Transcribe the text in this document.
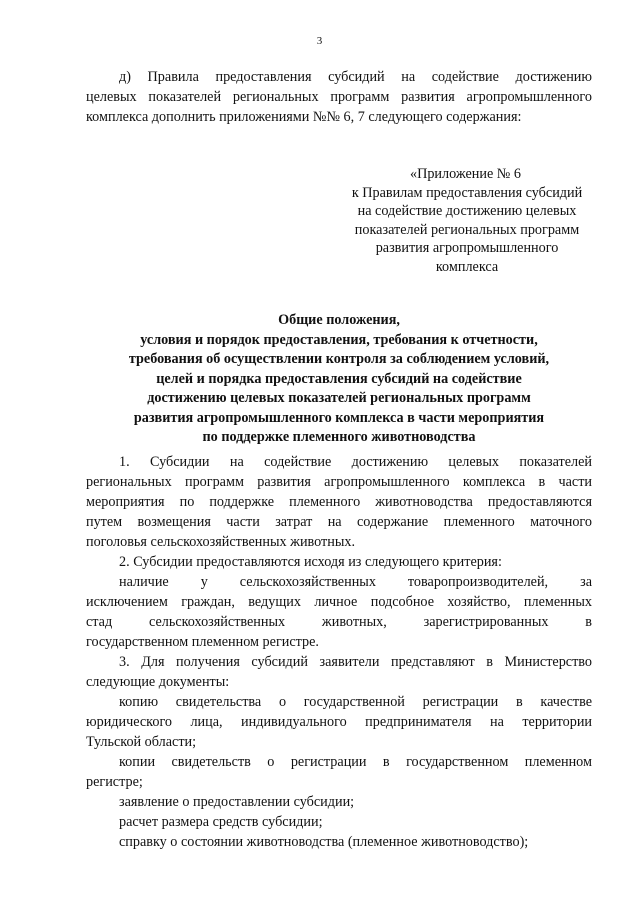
3
д) Правила предоставления субсидий на содействие достижению
целевых показателей региональных программ развития агропромышленного
комплекса дополнить приложениями №№ 6, 7 следующего содержания:
«Приложение № 6
к Правилам предоставления субсидий
на содействие достижению целевых
показателей региональных программ
развития агропромышленного
комплекса
Общие положения,
условия и порядок предоставления, требования к отчетности,
требования об осуществлении контроля за соблюдением условий,
целей и порядка предоставления субсидий на содействие
достижению целевых показателей региональных программ
развития агропромышленного комплекса в части мероприятия
по поддержке племенного животноводства
1. Субсидии на содействие достижению целевых показателей
региональных программ развития агропромышленного комплекса в части
мероприятия по поддержке племенного животноводства предоставляются
путем возмещения части затрат на содержание племенного маточного
поголовья сельскохозяйственных животных.
2. Субсидии предоставляются исходя из следующего критерия:
наличие у сельскохозяйственных товаропроизводителей, за
исключением граждан, ведущих личное подсобное хозяйство, племенных
стад сельскохозяйственных животных, зарегистрированных в
государственном племенном регистре.
3. Для получения субсидий заявители представляют в Министерство
следующие документы:
копию свидетельства о государственной регистрации в качестве
юридического лица, индивидуального предпринимателя на территории
Тульской области;
копии свидетельств о регистрации в государственном племенном
регистре;
заявление о предоставлении субсидии;
расчет размера средств субсидии;
справку о состоянии животноводства (племенное животноводство);
